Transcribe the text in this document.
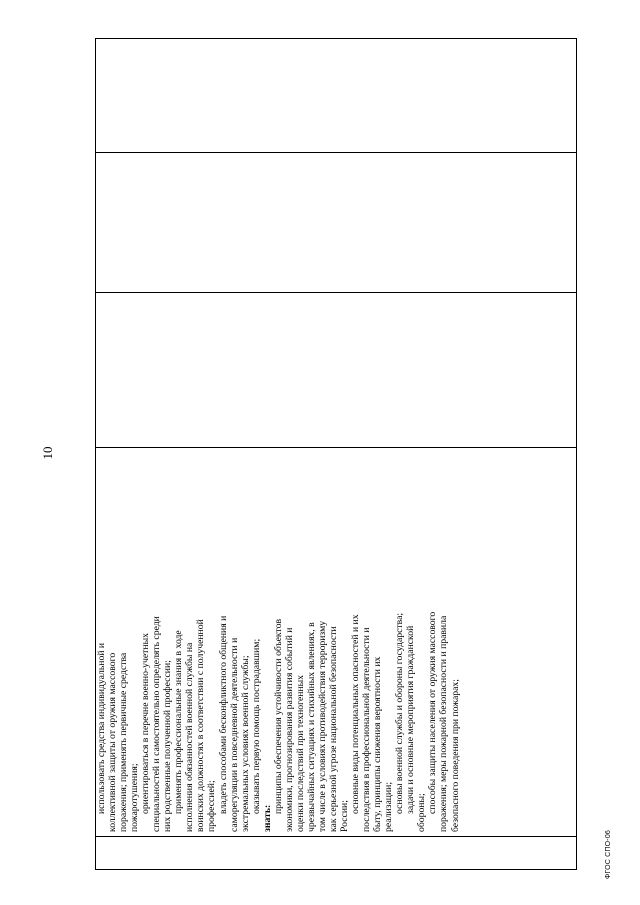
10

использовать средства индивидуальной и коллективной защиты от оружия массового поражения; применять первичные средства пожаротушения; ориентироваться в перечне военно-учетных специальностей и самостоятельно определять среди них родственные полученной профессии; применять профессиональные знания в ходе исполнения обязанностей военной службы на воинских должностях в соответствии с полученной профессией; владеть способами бесконфликтного общения и саморегуляции в повседневной деятельности и экстремальных условиях военной службы; оказывать первую помощь пострадавшим;
знать:
принципы обеспечения устойчивости объектов экономики, прогнозирования развития событий и оценки последствий при техногенных чрезвычайных ситуациях и стихийных явлениях, в том числе в условиях противодействия терроризму как серьезной угрозе национальной безопасности России;
основные виды потенциальных опасностей и их последствия в профессиональной деятельности и быту, принципы снижения вероятности их реализации; основы военной службы и обороны государства; задачи и основные мероприятия гражданской обороны; способы защиты населения от оружия массового поражения; меры пожарной безопасности и правила безопасного поведения при пожарах;

ФГОС СПО-06
